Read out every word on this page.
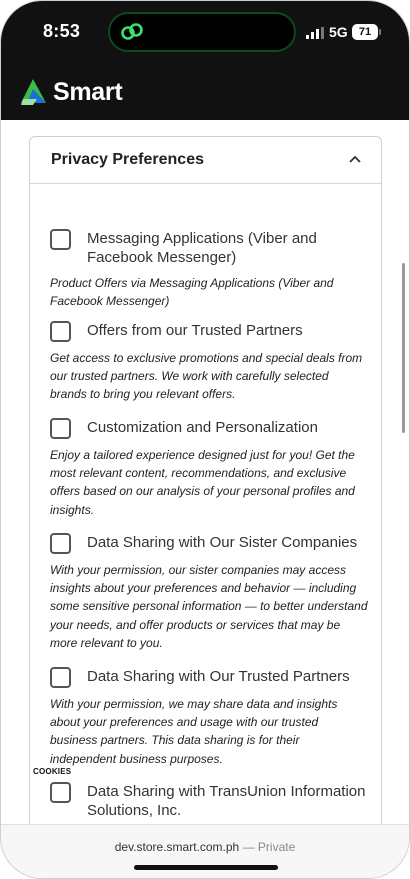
8:53	5G	71
Smart
Privacy Preferences
Messaging Applications (Viber and Facebook Messenger)
Product Offers via Messaging Applications (Viber and Facebook Messenger)
Offers from our Trusted Partners
Get access to exclusive promotions and special deals from our trusted partners. We work with carefully selected brands to bring you relevant offers.
Customization and Personalization
Enjoy a tailored experience designed just for you! Get the most relevant content, recommendations, and exclusive offers based on our analysis of your personal profiles and insights.
Data Sharing with Our Sister Companies
With your permission, our sister companies may access insights about your preferences and behavior — including some sensitive personal information — to better understand your needs, and offer products or services that may be more relevant to you.
Data Sharing with Our Trusted Partners
With your permission, we may share data and insights about your preferences and usage with our trusted business partners. This data sharing is for their independent business purposes.
Data Sharing with TransUnion Information Solutions, Inc.
COOKIES
dev.store.smart.com.ph — Private
